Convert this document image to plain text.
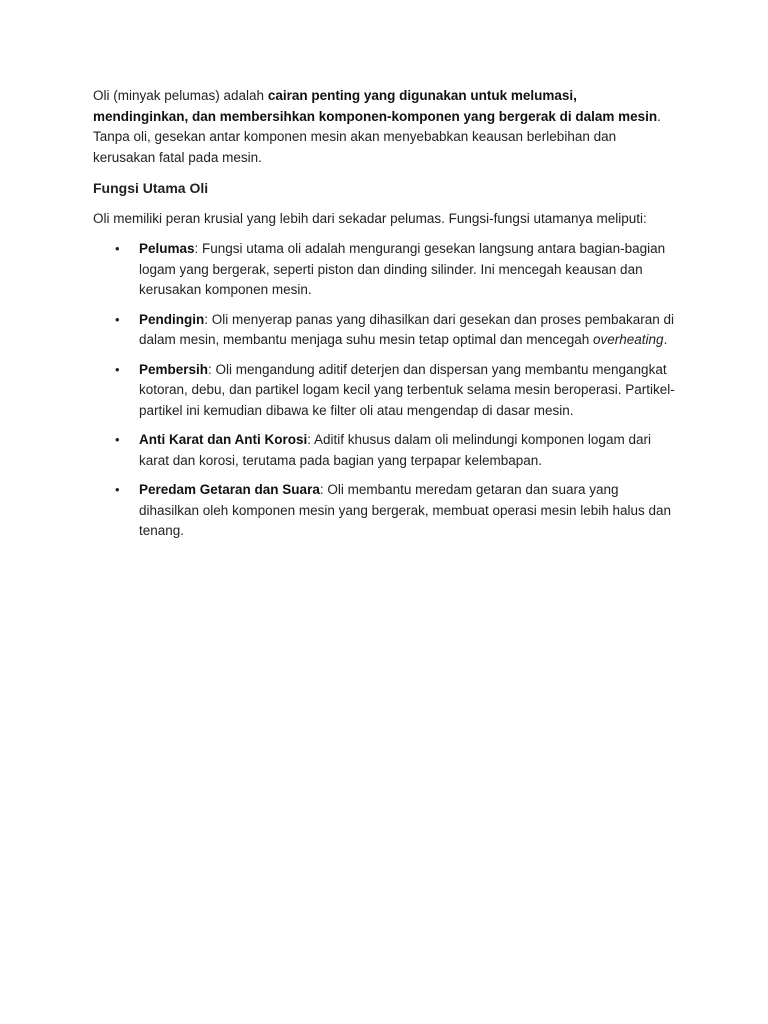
Oli (minyak pelumas) adalah cairan penting yang digunakan untuk melumasi, mendinginkan, dan membersihkan komponen-komponen yang bergerak di dalam mesin. Tanpa oli, gesekan antar komponen mesin akan menyebabkan keausan berlebihan dan kerusakan fatal pada mesin.

Fungsi Utama Oli

Oli memiliki peran krusial yang lebih dari sekadar pelumas. Fungsi-fungsi utamanya meliputi:

• Pelumas: Fungsi utama oli adalah mengurangi gesekan langsung antara bagian-bagian logam yang bergerak, seperti piston dan dinding silinder. Ini mencegah keausan dan kerusakan komponen mesin.
• Pendingin: Oli menyerap panas yang dihasilkan dari gesekan dan proses pembakaran di dalam mesin, membantu menjaga suhu mesin tetap optimal dan mencegah overheating.
• Pembersih: Oli mengandung aditif deterjen dan dispersan yang membantu mengangkat kotoran, debu, dan partikel logam kecil yang terbentuk selama mesin beroperasi. Partikel-partikel ini kemudian dibawa ke filter oli atau mengendap di dasar mesin.
• Anti Karat dan Anti Korosi: Aditif khusus dalam oli melindungi komponen logam dari karat dan korosi, terutama pada bagian yang terpapar kelembapan.
• Peredam Getaran dan Suara: Oli membantu meredam getaran dan suara yang dihasilkan oleh komponen mesin yang bergerak, membuat operasi mesin lebih halus dan tenang.
